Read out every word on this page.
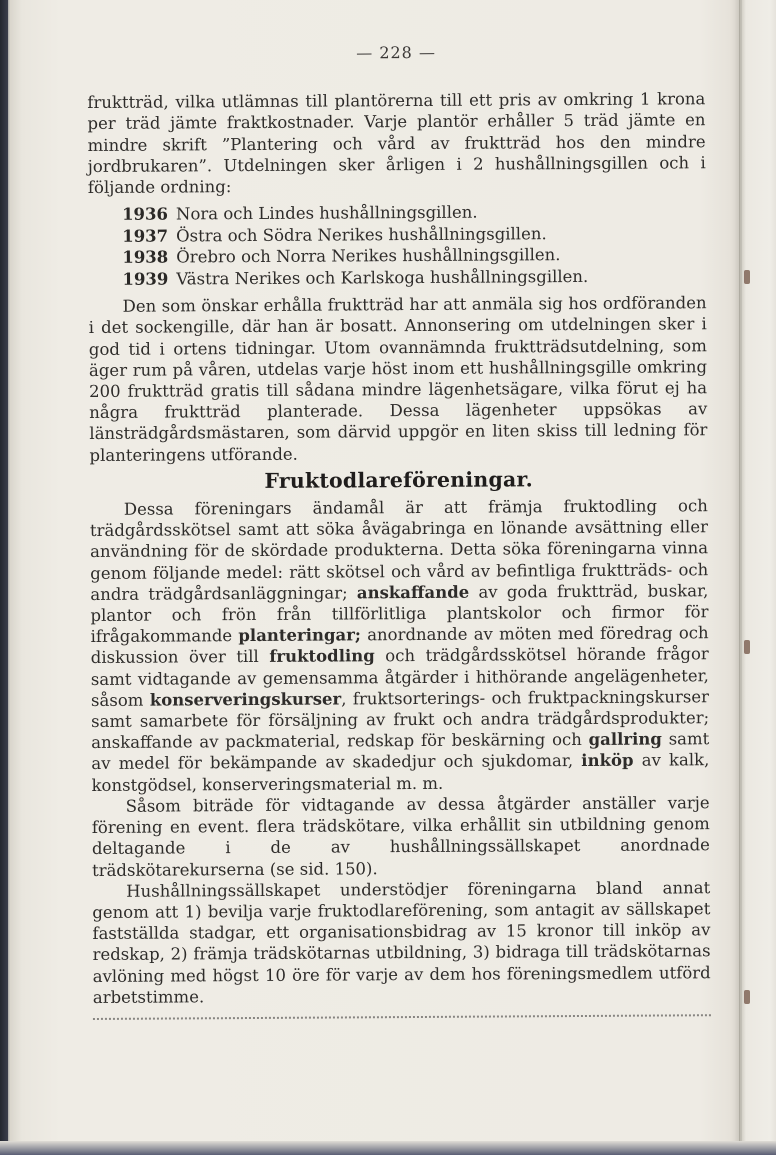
— 228 —

fruktträd, vilka utlämnas till plantörerna till ett pris av omkring 1 krona per träd jämte fraktkostnader. Varje plantör erhåller 5 träd jämte en mindre skrift ”Plantering och vård av fruktträd hos den mindre jordbrukaren”. Utdelningen sker årligen i 2 hushållningsgillen och i följande ordning:

1936 Nora och Lindes hushållningsgillen.
1937 Östra och Södra Nerikes hushållningsgillen.
1938 Örebro och Norra Nerikes hushållningsgillen.
1939 Västra Nerikes och Karlskoga hushållningsgillen.

Den som önskar erhålla fruktträd har att anmäla sig hos ordföranden i det sockengille, där han är bosatt. Annonsering om utdelningen sker i god tid i ortens tidningar. Utom ovannämnda fruktträdsutdelning, som äger rum på våren, utdelas varje höst inom ett hushållningsgille omkring 200 fruktträd gratis till sådana mindre lägenhetsägare, vilka förut ej ha några fruktträd planterade. Dessa lägenheter uppsökas av länsträdgårdsmästaren, som därvid uppgör en liten skiss till ledning för planteringens utförande.

Fruktodlareföreningar.

Dessa föreningars ändamål är att främja fruktodling och trädgårdsskötsel samt att söka åvägabringa en lönande avsättning eller användning för de skördade produkterna. Detta söka föreningarna vinna genom följande medel: rätt skötsel och vård av befintliga fruktträds- och andra trädgårdsanläggningar; anskaffande av goda fruktträd, buskar, plantor och frön från tillförlitliga plantskolor och firmor för ifrågakommande planteringar; anordnande av möten med föredrag och diskussion över till fruktodling och trädgårdsskötsel hörande frågor samt vidtagande av gemensamma åtgärder i hithörande angelägenheter, såsom konserveringskurser, fruktsorterings- och fruktpackningskurser samt samarbete för försäljning av frukt och andra trädgårdsprodukter; anskaffande av packmaterial, redskap för beskärning och gallring samt av medel för bekämpande av skadedjur och sjukdomar, inköp av kalk, konstgödsel, konserveringsmaterial m. m.

Såsom biträde för vidtagande av dessa åtgärder anställer varje förening en event. flera trädskötare, vilka erhållit sin utbildning genom deltagande i de av hushållningssällskapet anordnade trädskötarekurserna (se sid. 150).

Hushållningssällskapet understödjer föreningarna bland annat genom att 1) bevilja varje fruktodlareförening, som antagit av sällskapet fastställda stadgar, ett organisationsbidrag av 15 kronor till inköp av redskap, 2) främja trädskötarnas utbildning, 3) bidraga till trädskötarnas avlöning med högst 10 öre för varje av dem hos föreningsmedlem utförd arbetstimme.
